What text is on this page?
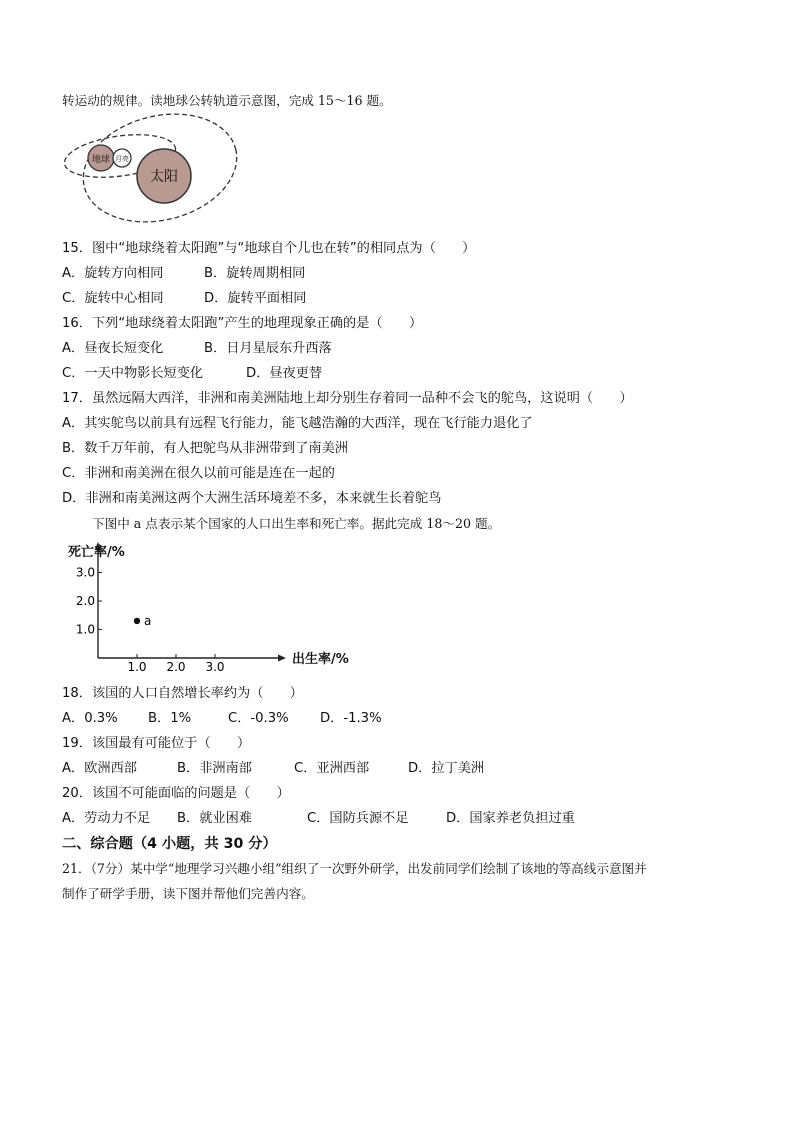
转运动的规律。读地球公转轨道示意图，完成 15～16 题。
太阳
地球 月亮
15．图中“地球绕着太阳跑”与“地球自个儿也在转”的相同点为（　　）
A．旋转方向相同	B．旋转周期相同
C．旋转中心相同	D．旋转平面相同
16．下列“地球绕着太阳跑”产生的地理现象正确的是（　　）
A．昼夜长短变化	B．日月星辰东升西落
C．一天中物影长短变化	D．昼夜更替
17．虽然远隔大西洋，非洲和南美洲陆地上却分别生存着同一品种不会飞的鸵鸟，这说明（　　）
A．其实鸵鸟以前具有远程飞行能力，能飞越浩瀚的大西洋，现在飞行能力退化了
B．数千万年前，有人把鸵鸟从非洲带到了南美洲
C．非洲和南美洲在很久以前可能是连在一起的
D．非洲和南美洲这两个大洲生活环境差不多，本来就生长着鸵鸟
下图中 a 点表示某个国家的人口出生率和死亡率。据此完成 18～20 题。
死亡率/%
出生率/%
1.0 2.0 3.0
1.0
2.0
3.0
a
18．该国的人口自然增长率约为（　　）
A．0.3% B．1%	C．-0.3% D．-1.3%
19．该国最有可能位于（　　）
A．欧洲西部	B．非洲南部	C．亚洲西部	D．拉丁美洲
20．该国不可能面临的问题是（　　）
A．劳动力不足 B．就业困难	C．国防兵源不足	D．国家养老负担过重
二、综合题（4 小题，共 30 分）
21．（7分）某中学“地理学习兴趣小组”组织了一次野外研学，出发前同学们绘制了该地的等高线示意图并
制作了研学手册，读下图并帮他们完善内容。
